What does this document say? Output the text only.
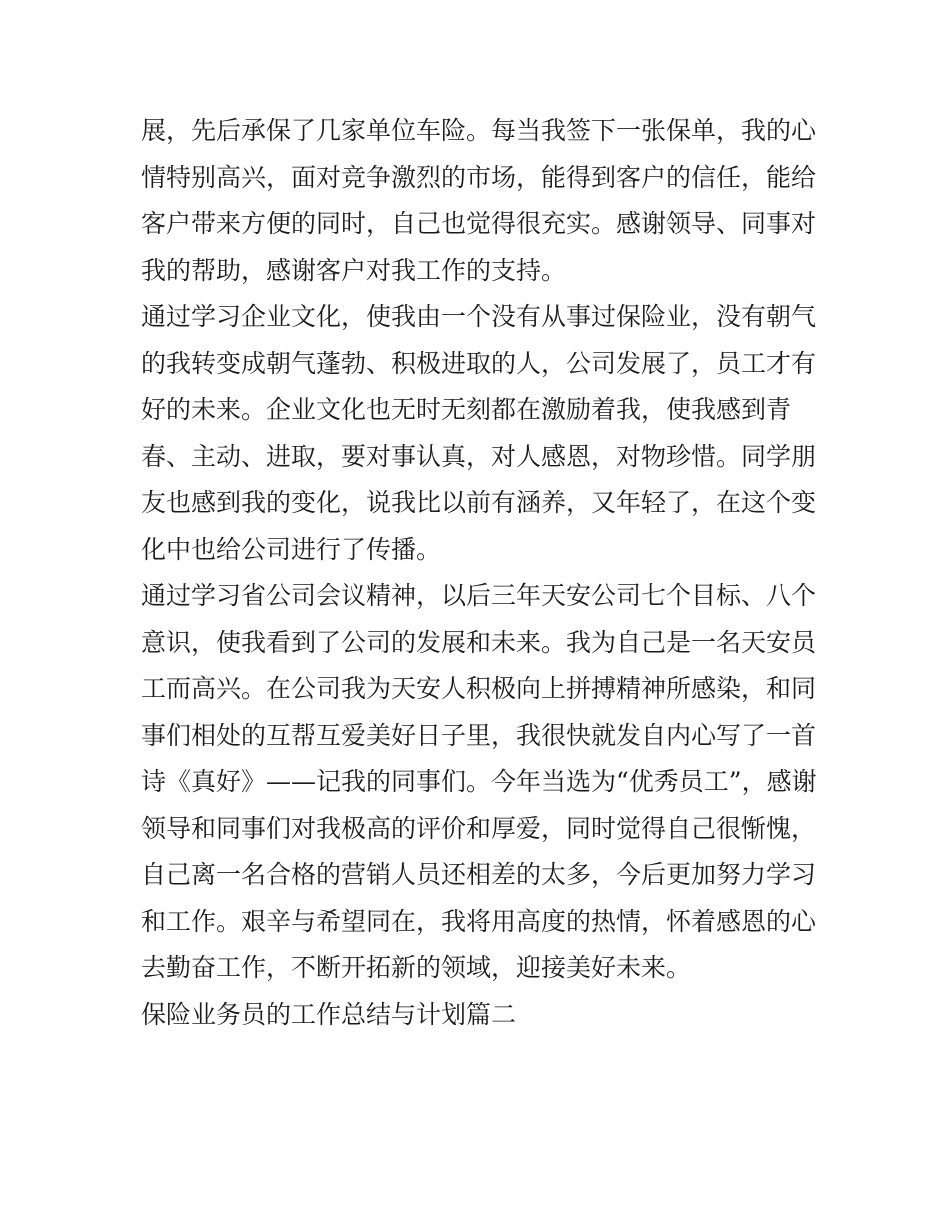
展，先后承保了几家单位车险。每当我签下一张保单，我的心
情特别高兴，面对竞争激烈的市场，能得到客户的信任，能给
客户带来方便的同时，自己也觉得很充实。感谢领导、同事对
我的帮助，感谢客户对我工作的支持。

通过学习企业文化，使我由一个没有从事过保险业，没有朝气
的我转变成朝气蓬勃、积极进取的人，公司发展了，员工才有
好的未来。企业文化也无时无刻都在激励着我，使我感到青
春、主动、进取，要对事认真，对人感恩，对物珍惜。同学朋
友也感到我的变化，说我比以前有涵养，又年轻了，在这个变
化中也给公司进行了传播。

通过学习省公司会议精神，以后三年天安公司七个目标、八个
意识，使我看到了公司的发展和未来。我为自己是一名天安员
工而高兴。在公司我为天安人积极向上拼搏精神所感染，和同
事们相处的互帮互爱美好日子里，我很快就发自内心写了一首
诗《真好》——记我的同事们。今年当选为“优秀员工”，感谢
领导和同事们对我极高的评价和厚爱，同时觉得自己很惭愧，
自己离一名合格的营销人员还相差的太多，今后更加努力学习
和工作。艰辛与希望同在，我将用高度的热情，怀着感恩的心
去勤奋工作，不断开拓新的领域，迎接美好未来。

保险业务员的工作总结与计划篇二
